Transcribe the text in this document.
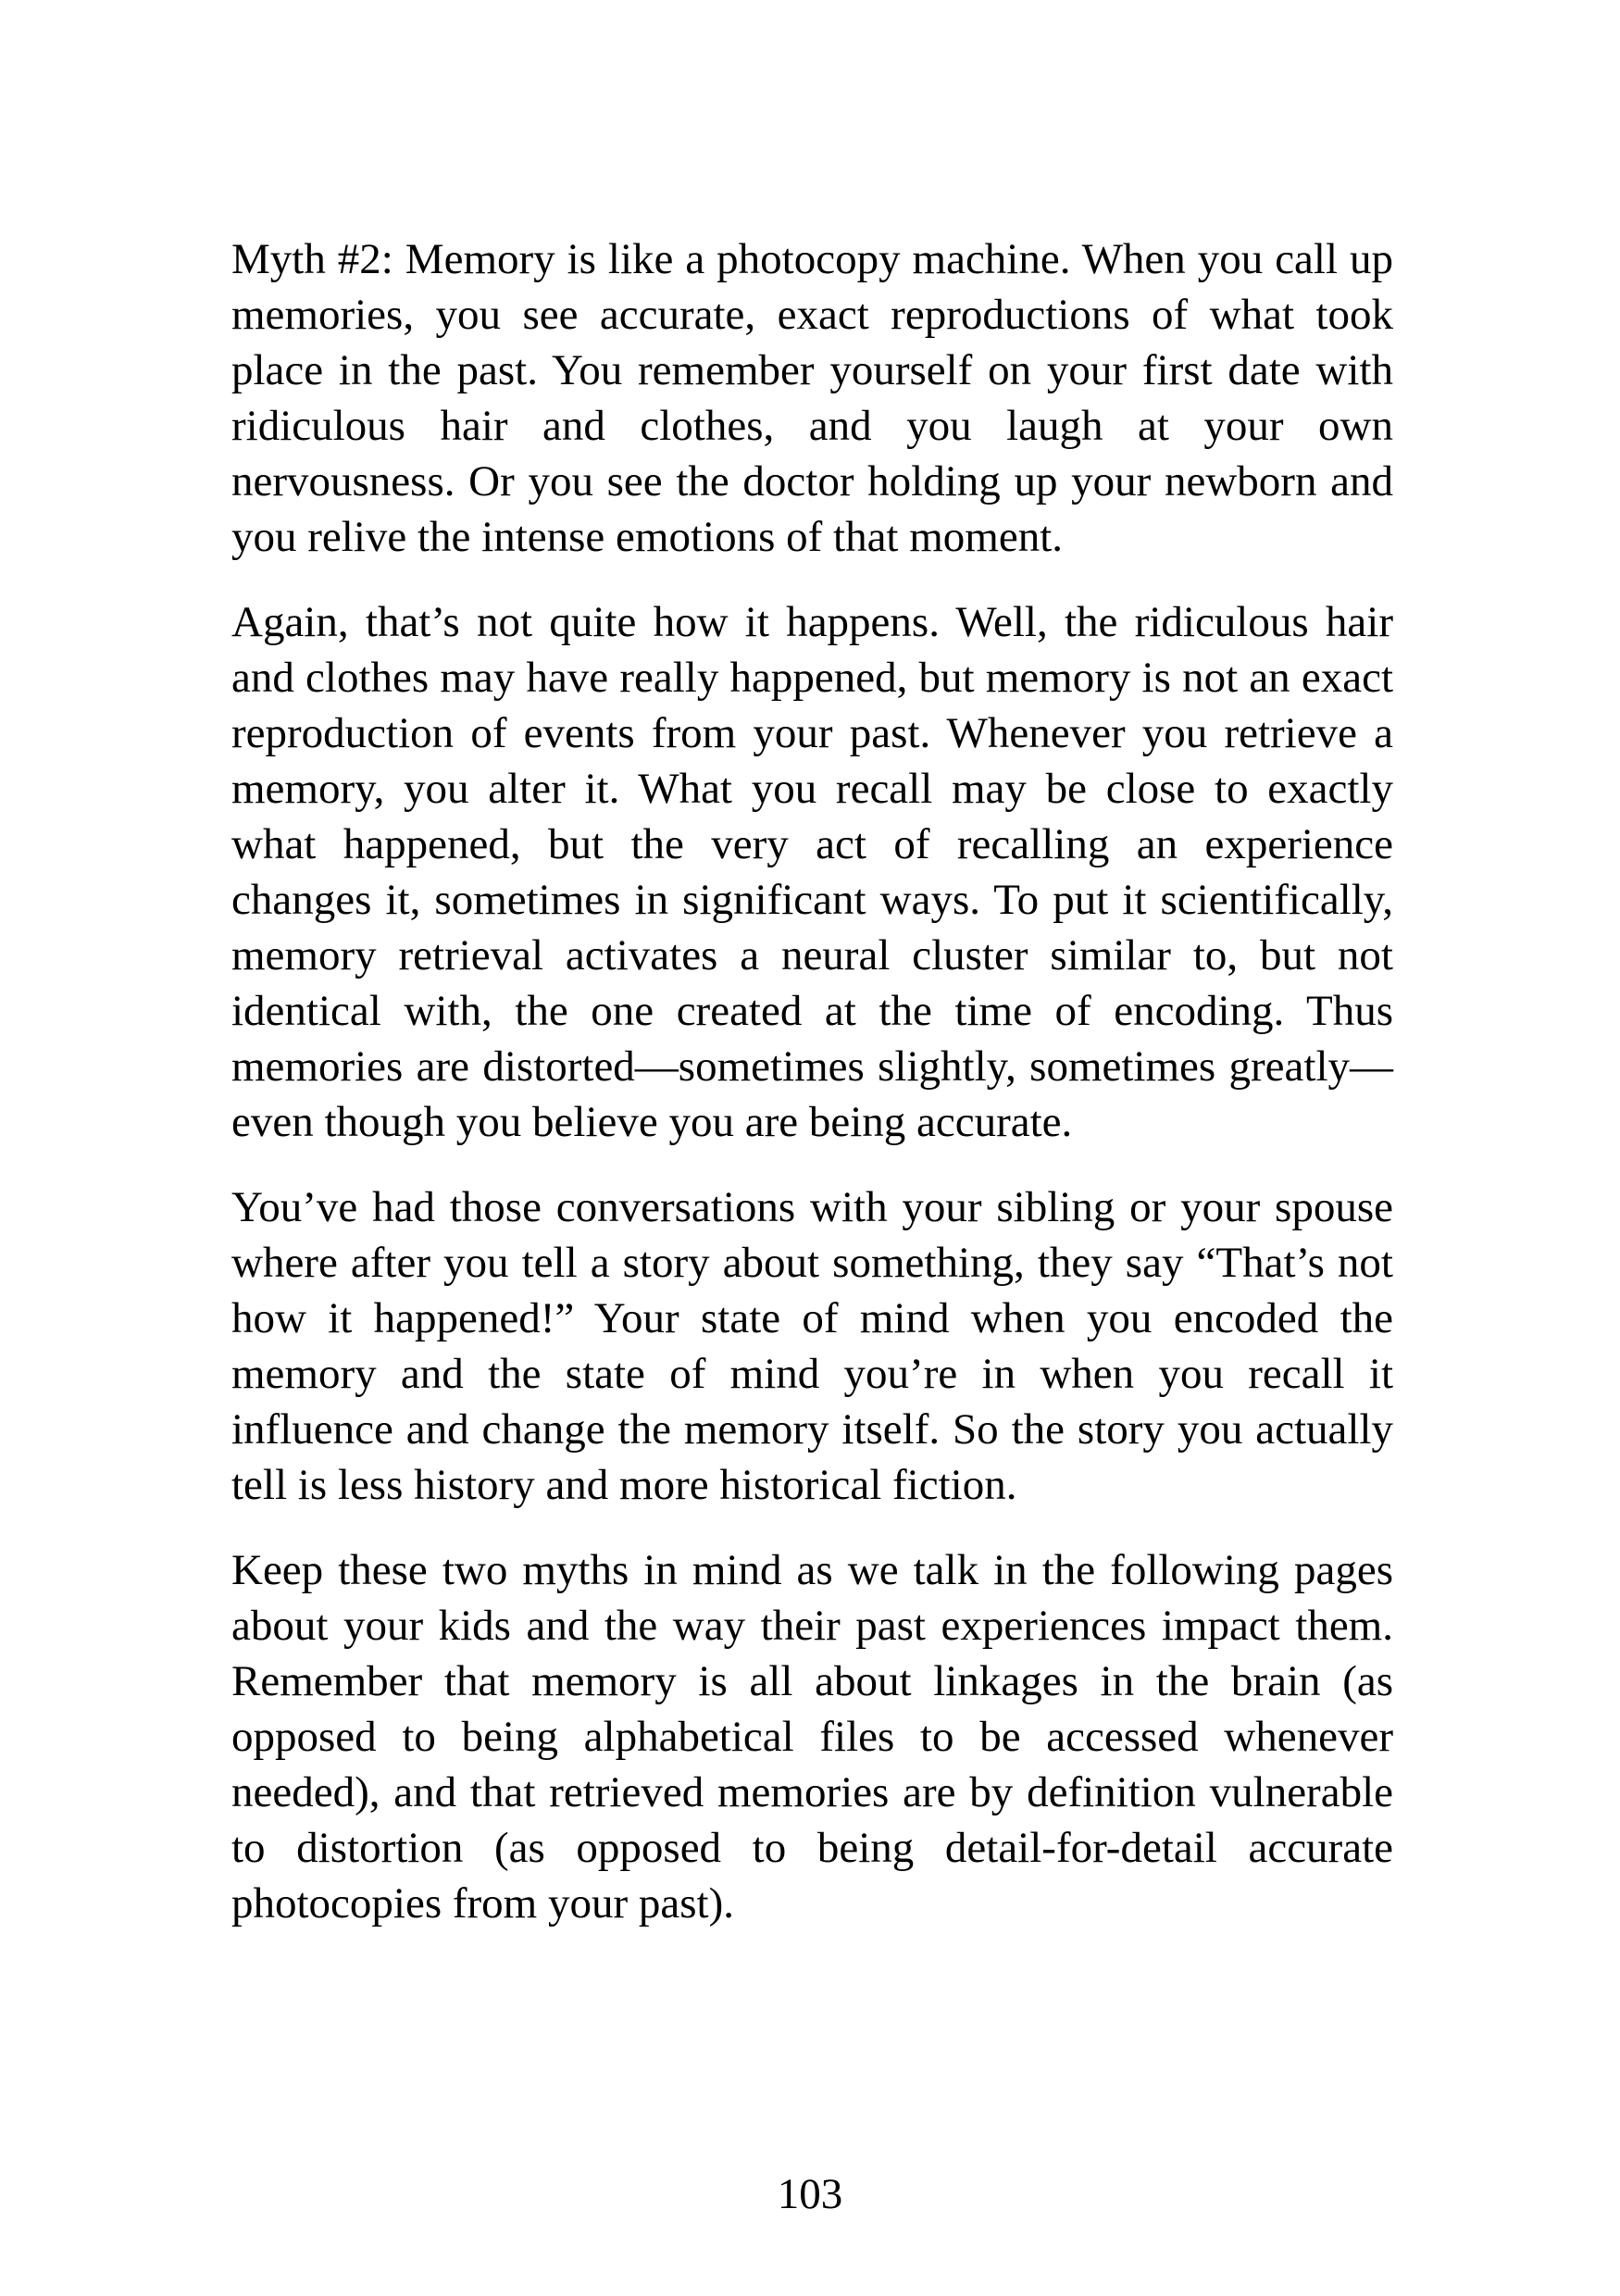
Myth #2: Memory is like a photocopy machine. When you call up memories, you see accurate, exact reproductions of what took place in the past. You remember yourself on your first date with ridiculous hair and clothes, and you laugh at your own nervousness. Or you see the doctor holding up your newborn and you relive the intense emotions of that moment.

Again, that’s not quite how it happens. Well, the ridiculous hair and clothes may have really happened, but memory is not an exact reproduction of events from your past. Whenever you retrieve a memory, you alter it. What you recall may be close to exactly what happened, but the very act of recalling an experience changes it, sometimes in significant ways. To put it scientifically, memory retrieval activates a neural cluster similar to, but not identical with, the one created at the time of encoding. Thus memories are distorted—sometimes slightly, sometimes greatly—even though you believe you are being accurate.

You’ve had those conversations with your sibling or your spouse where after you tell a story about something, they say “That’s not how it happened!” Your state of mind when you encoded the memory and the state of mind you’re in when you recall it influence and change the memory itself. So the story you actually tell is less history and more historical fiction.

Keep these two myths in mind as we talk in the following pages about your kids and the way their past experiences impact them. Remember that memory is all about linkages in the brain (as opposed to being alphabetical files to be accessed whenever needed), and that retrieved memories are by definition vulnerable to distortion (as opposed to being detail-for-detail accurate photocopies from your past).

103
